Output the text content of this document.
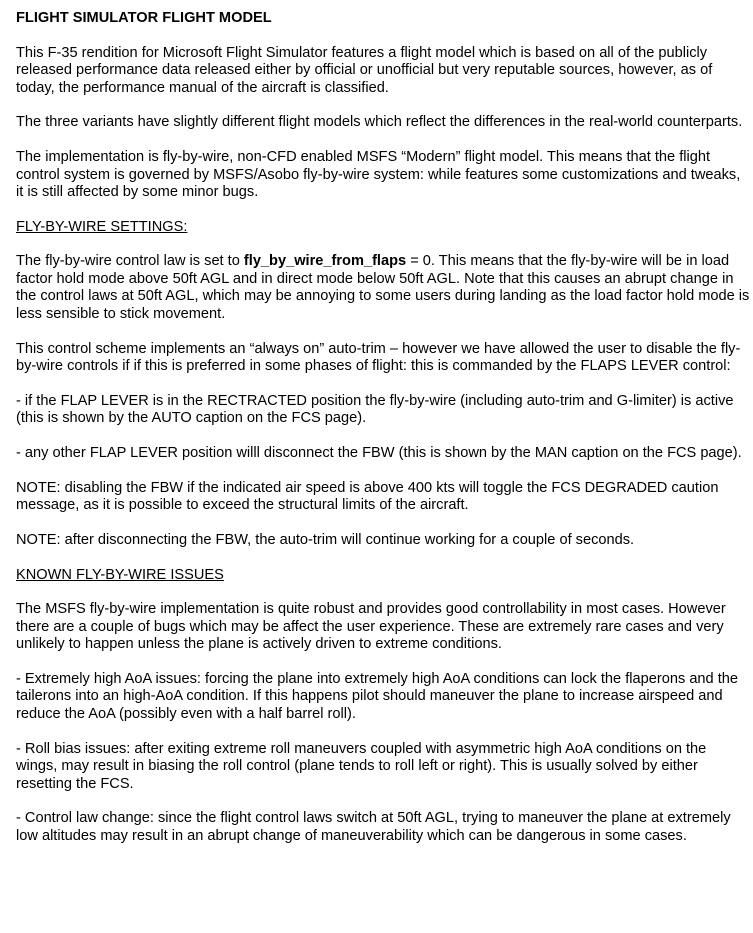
FLIGHT SIMULATOR FLIGHT MODEL

This F-35 rendition for Microsoft Flight Simulator features a flight model which is based on all of the publicly released performance data released either by official or unofficial but very reputable sources, however, as of today, the performance manual of the aircraft is classified.

The three variants have slightly different flight models which reflect the differences in the real-world counterparts.

The implementation is fly-by-wire, non-CFD enabled MSFS “Modern” flight model. This means that the flight control system is governed by MSFS/Asobo fly-by-wire system: while features some customizations and tweaks, it is still affected by some minor bugs.

FLY-BY-WIRE SETTINGS:

The fly-by-wire control law is set to fly_by_wire_from_flaps = 0. This means that the fly-by-wire will be in load factor hold mode above 50ft AGL and in direct mode below 50ft AGL. Note that this causes an abrupt change in the control laws at 50ft AGL, which may be annoying to some users during landing as the load factor hold mode is less sensible to stick movement.

This control scheme implements an “always on” auto-trim – however we have allowed the user to disable the fly-by-wire controls if if this is preferred in some phases of flight: this is commanded by the FLAPS LEVER control:

- if the FLAP LEVER is in the RECTRACTED position the fly-by-wire (including auto-trim and G-limiter) is active (this is shown by the AUTO caption on the FCS page).

- any other FLAP LEVER position willl disconnect the FBW (this is shown by the MAN caption on the FCS page).

NOTE: disabling the FBW if the indicated air speed is above 400 kts will toggle the FCS DEGRADED caution message, as it is possible to exceed the structural limits of the aircraft.

NOTE: after disconnecting the FBW, the auto-trim will continue working for a couple of seconds.

KNOWN FLY-BY-WIRE ISSUES

The MSFS fly-by-wire implementation is quite robust and provides good controllability in most cases. However there are a couple of bugs which may be affect the user experience. These are extremely rare cases and very unlikely to happen unless the plane is actively driven to extreme conditions.

- Extremely high AoA issues: forcing the plane into extremely high AoA conditions can lock the flaperons and the tailerons into an high-AoA condition. If this happens pilot should maneuver the plane to increase airspeed and reduce the AoA (possibly even with a half barrel roll).

- Roll bias issues: after exiting extreme roll maneuvers coupled with asymmetric high AoA conditions on the wings, may result in biasing the roll control (plane tends to roll left or right). This is usually solved by either resetting the FCS.

- Control law change: since the flight control laws switch at 50ft AGL, trying to maneuver the plane at extremely low altitudes may result in an abrupt change of maneuverability which can be dangerous in some cases.
